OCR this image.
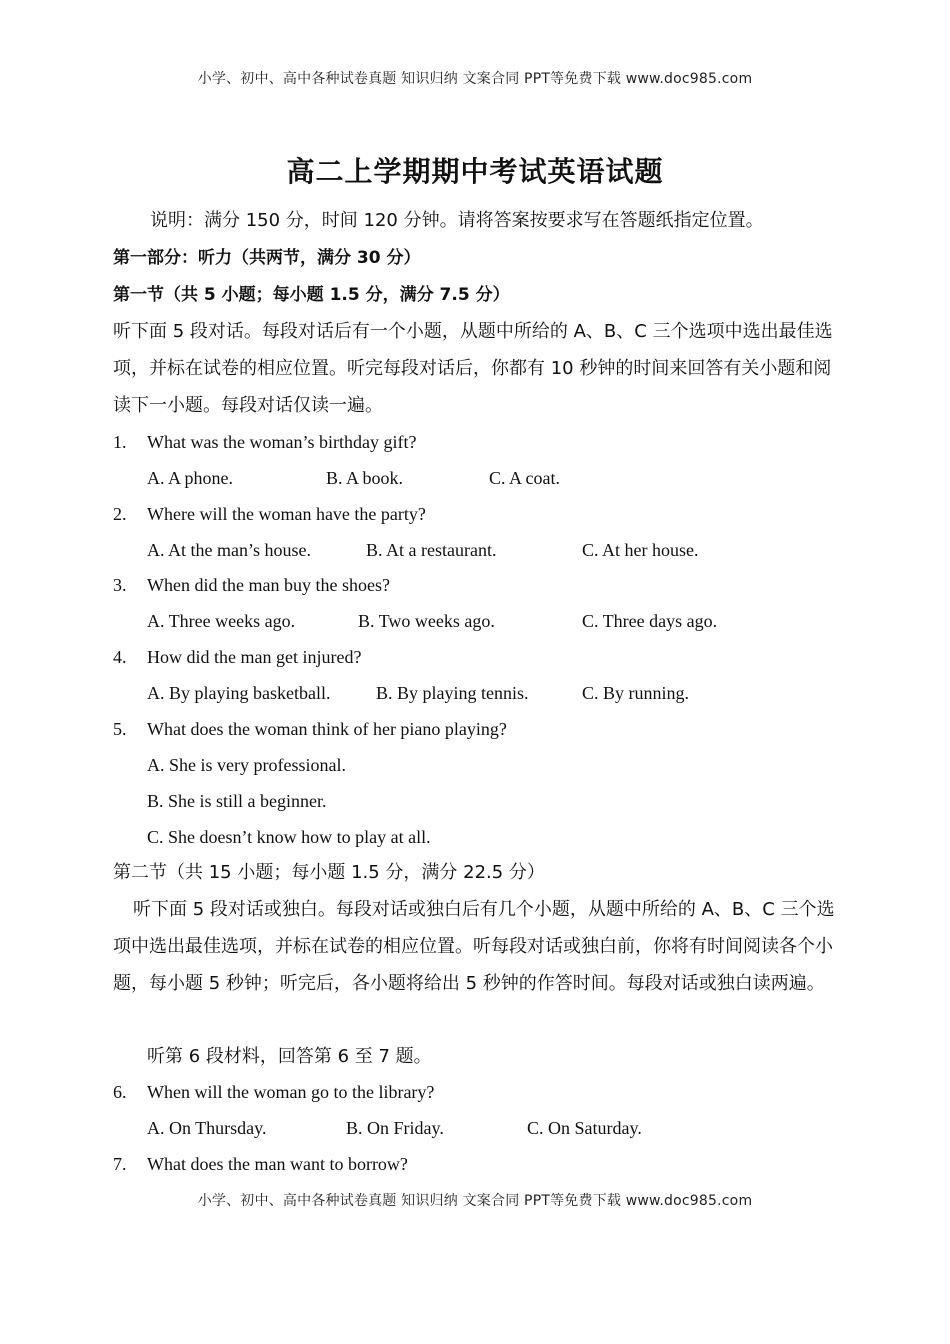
小学、初中、高中各种试卷真题 知识归纳 文案合同 PPT等免费下载 www.doc985.com
高二上学期期中考试英语试题
说明：满分 150 分，时间 120 分钟。请将答案按要求写在答题纸指定位置。
第一部分：听力（共两节，满分 30 分）
第一节（共 5 小题；每小题 1.5 分，满分 7.5 分）
听下面 5 段对话。每段对话后有一个小题，从题中所给的 A、B、C 三个选项中选出最佳选项，并标在试卷的相应位置。听完每段对话后，你都有 10 秒钟的时间来回答有关小题和阅读下一小题。每段对话仅读一遍。
1. What was the woman’s birthday gift?
A. A phone.	B. A book.	C. A coat.
2. Where will the woman have the party?
A. At the man’s house.	B. At a restaurant.	C. At her house.
3. When did the man buy the shoes?
A. Three weeks ago.	B. Two weeks ago.	C. Three days ago.
4. How did the man get injured?
A. By playing basketball.	B. By playing tennis.	C. By running.
5. What does the woman think of her piano playing?
A. She is very professional.
B. She is still a beginner.
C. She doesn’t know how to play at all.
第二节（共 15 小题；每小题 1.5 分，满分 22.5 分）
听下面 5 段对话或独白。每段对话或独白后有几个小题，从题中所给的 A、B、C 三个选项中选出最佳选项，并标在试卷的相应位置。听每段对话或独白前，你将有时间阅读各个小题，每小题 5 秒钟；听完后，各小题将给出 5 秒钟的作答时间。每段对话或独白读两遍。
听第 6 段材料，回答第 6 至 7 题。
6. When will the woman go to the library?
A. On Thursday.	B. On Friday.	C. On Saturday.
7. What does the man want to borrow?
小学、初中、高中各种试卷真题 知识归纳 文案合同 PPT等免费下载 www.doc985.com
